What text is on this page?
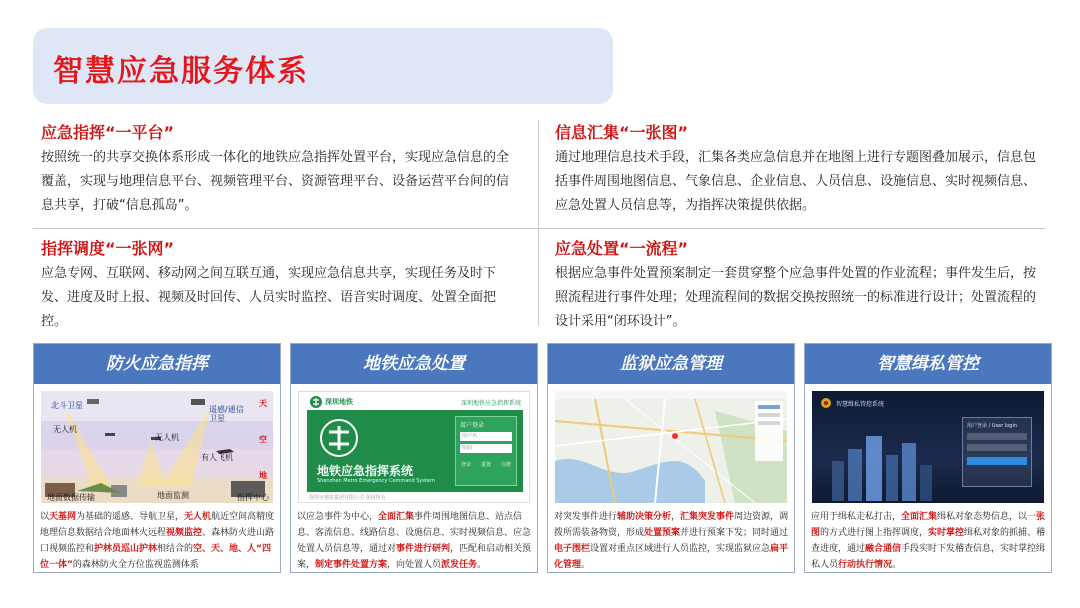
智慧应急服务体系
应急指挥“一平台”
按照统一的共享交换体系形成一体化的地铁应急指挥处置平台，实现应急信息的全覆盖，实现与地理信息平台、视频管理平台、资源管理平台、设备运营平台间的信息共享，打破“信息孤岛”。
信息汇集“一张图”
通过地理信息技术手段，汇集各类应急信息并在地图上进行专题图叠加展示，信息包括事件周围地图信息、气象信息、企业信息、人员信息、设施信息、实时视频信息、应急处置人员信息等，为指挥决策提供依据。
指挥调度“一张网”
应急专网、互联网、移动网之间互联互通，实现应急信息共享，实现任务及时下发、进度及时上报、视频及时回传、人员实时监控、语音实时调度、处置全面把控。
应急处置“一流程”
根据应急事件处置预案制定一套贯穿整个应急事件处置的作业流程；事件发生后，按照流程进行事件处理；处理流程间的数据交换按照统一的标准进行设计；处置流程的设计采用“闭环设计”。
防火应急指挥
北斗卫星	遥感/通信卫星
无人机
无人机
有人飞机
地面数据传输	地面监测	指挥中心
天
空
地
以天基网为基础的遥感、导航卫星，无人机航近空间高精度地理信息数据结合地面林火远程视频监控、森林防火进山路口视频监控和护林员巡山护林相结合的空、天、地、人“四位一体”的森林防火全方位监视监测体系
地铁应急处置
深圳地铁	深圳地铁应急指挥系统
地铁应急指挥系统
Shenzhen Metro Emergency Command System
用户登录
用户名
密码
登录 重置 注册
深圳市地铁集团有限公司 版权所有
以应急事件为中心，全面汇集事件周围地图信息、站点信息、客流信息、线路信息、设施信息、实时视频信息、应急处置人员信息等，通过对事件进行研判，匹配和启动相关预案，制定事件处置方案，向处置人员派发任务。
监狱应急管理
对突发事件进行辅助决策分析，汇集突发事件周边资源，调拨所需装备物资，形成处置预案并进行预案下发；同时通过电子围栏设置对重点区域进行人员监控，实现监狱应急扁平化管理。
智慧缉私管控
智慧缉私管控系统
用户登录 / User login
应用于缉私走私打击，全面汇集缉私对象态势信息，以一张图的方式进行图上指挥调度，实时掌控缉私对象的抓捕、稽查进度，通过融合通信手段实时下发稽查信息，实时掌控缉私人员行动执行情况。
